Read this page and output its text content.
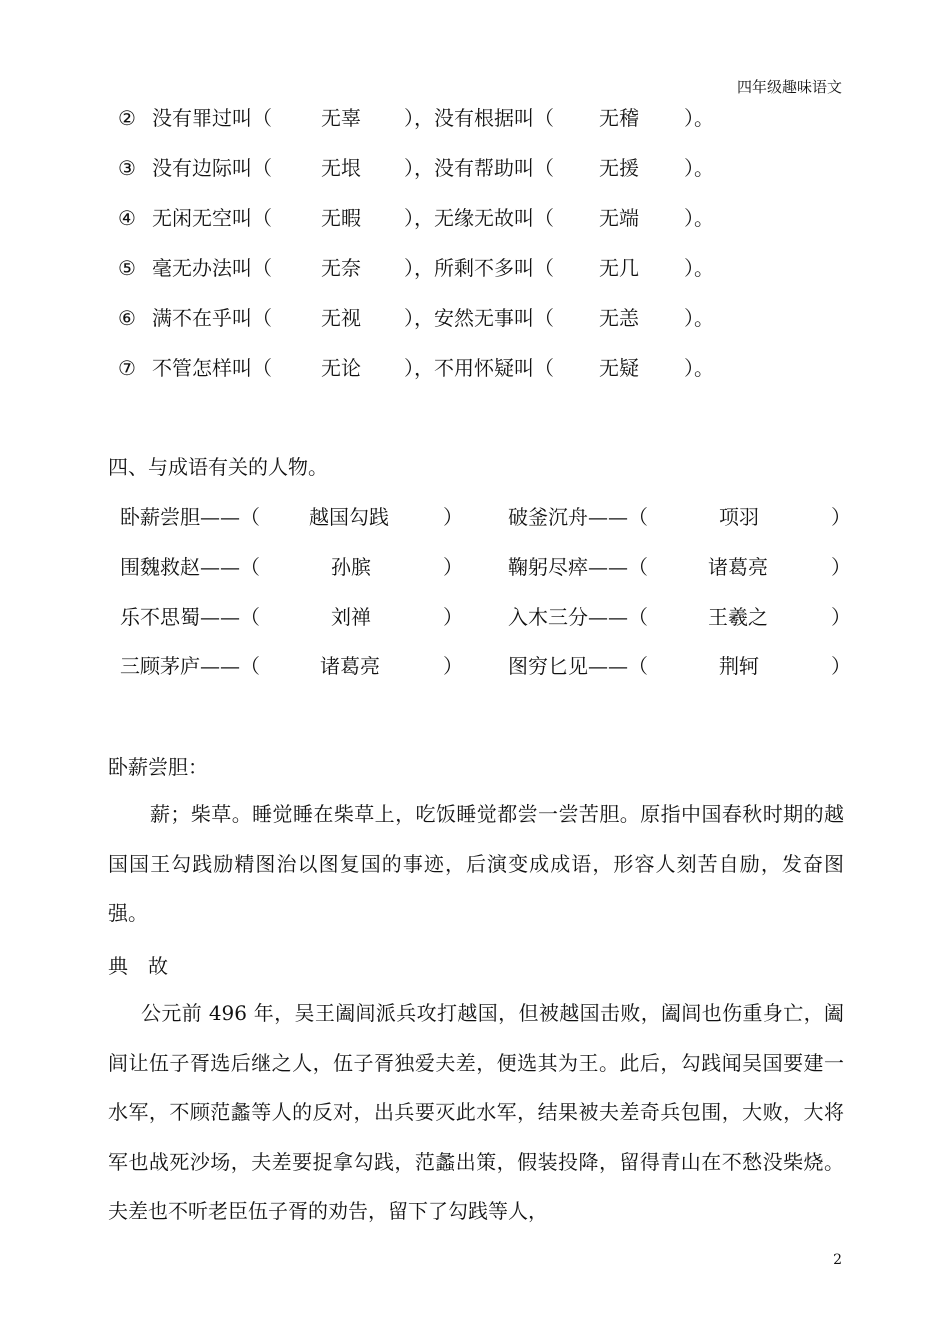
四年级趣味语文
② 没有罪过叫（ 无辜 ），没有根据叫（ 无稽 ）。
③ 没有边际叫（ 无垠 ），没有帮助叫（ 无援 ）。
④ 无闲无空叫（ 无暇 ），无缘无故叫（ 无端 ）。
⑤ 毫无办法叫（ 无奈 ），所剩不多叫（ 无几 ）。
⑥ 满不在乎叫（ 无视 ），安然无事叫（ 无恙 ）。
⑦ 不管怎样叫（ 无论 ），不用怀疑叫（ 无疑 ）。
四、与成语有关的人物。
卧薪尝胆——（ 越国勾践	） 破釜沉舟——（	项羽	）
围魏救赵——（	孙膑	） 鞠躬尽瘁——（	诸葛亮	）
乐不思蜀——（	刘禅	） 入木三分——（	王羲之	）
三顾茅庐——（	诸葛亮	） 图穷匕见——（	荆轲	）
卧薪尝胆：
薪；柴草。睡觉睡在柴草上，吃饭睡觉都尝一尝苦胆。原指中国春秋时期的越国国王勾践励精图治以图复国的事迹，后演变成成语，形容人刻苦自励，发奋图强。
典　故
公元前 496 年，吴王阖闾派兵攻打越国，但被越国击败，阖闾也伤重身亡，阖闾让伍子胥选后继之人，伍子胥独爱夫差，便选其为王。此后，勾践闻吴国要建一水军，不顾范蠡等人的反对，出兵要灭此水军，结果被夫差奇兵包围，大败，大将军也战死沙场，夫差要捉拿勾践，范蠡出策，假装投降，留得青山在不愁没柴烧。夫差也不听老臣伍子胥的劝告，留下了勾践等人，
2
